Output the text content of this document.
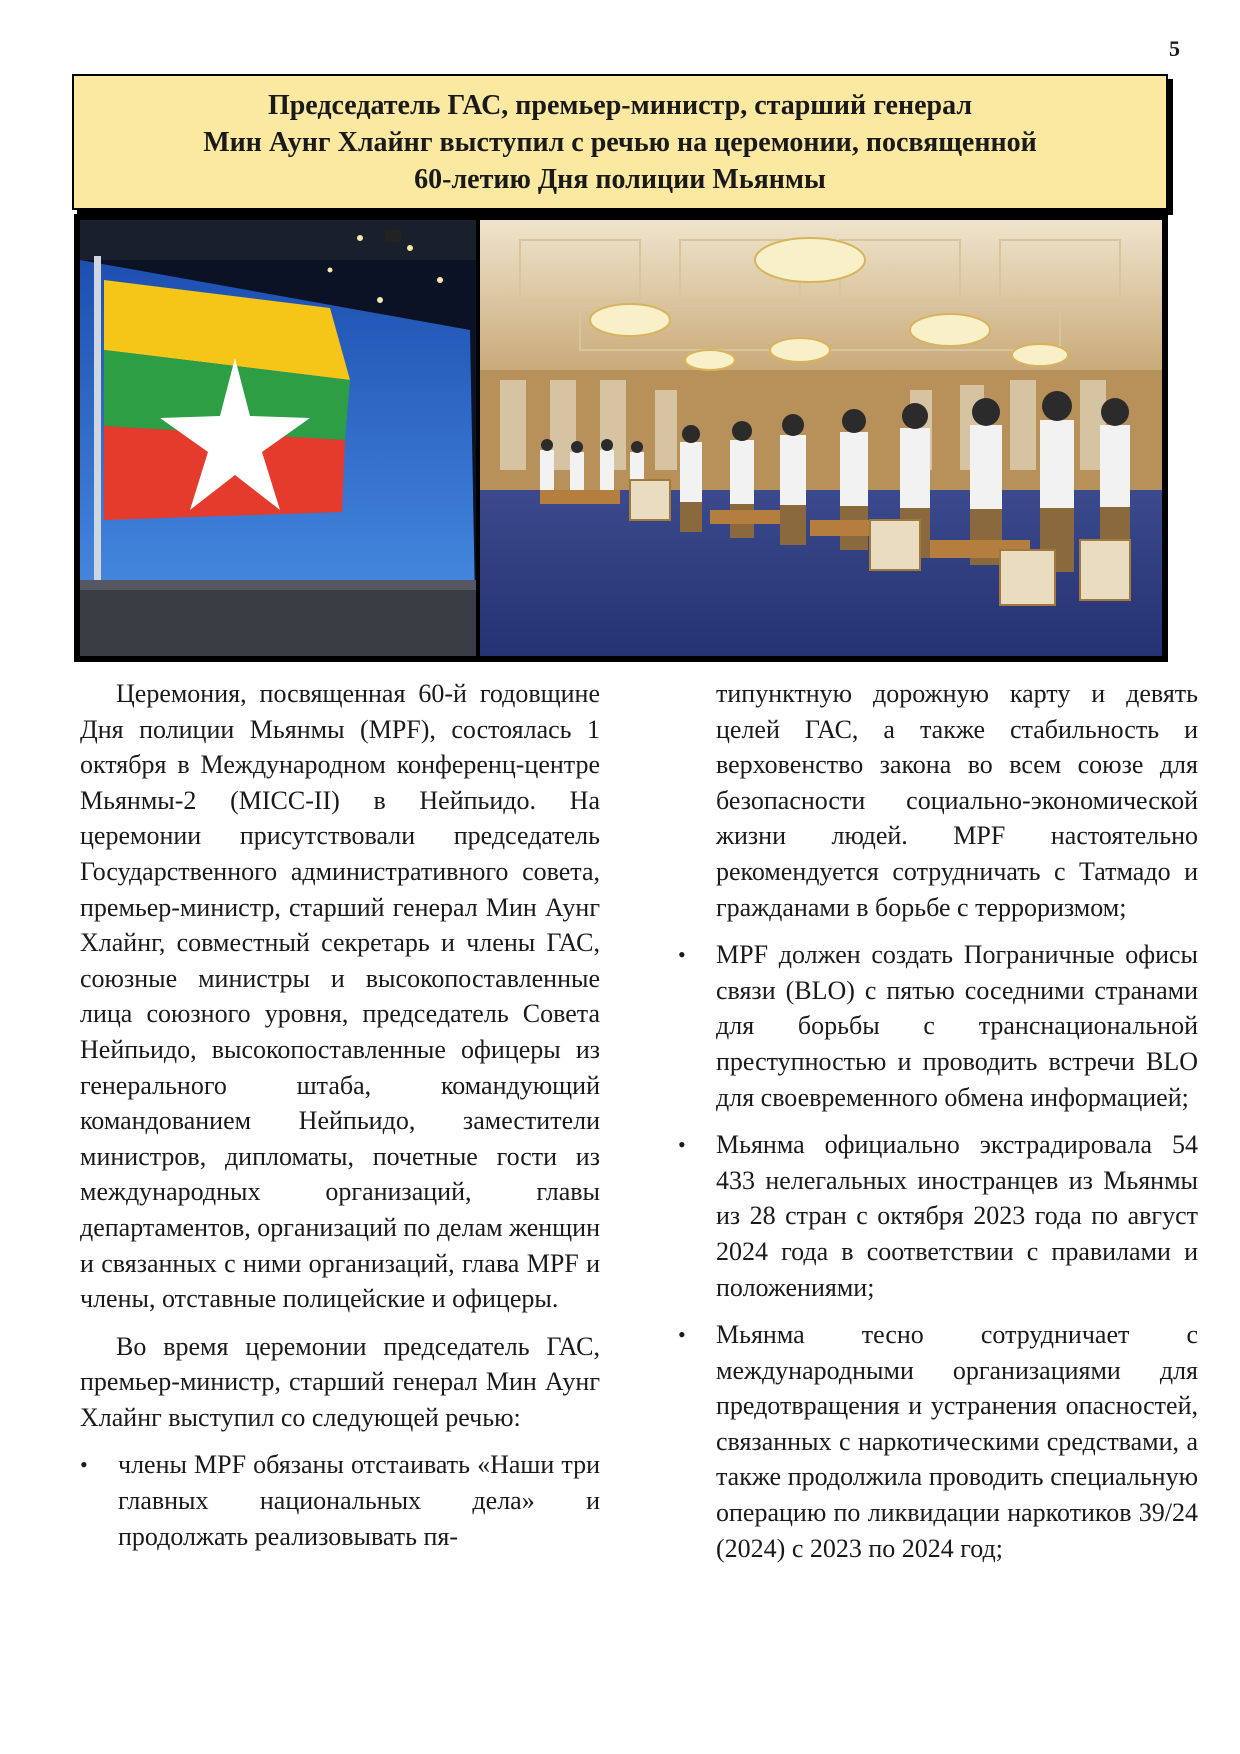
5
Председатель ГАС, премьер-министр, старший генерал
Мин Аунг Хлайнг выступил с речью на церемонии, посвященной
60-летию Дня полиции Мьянмы

Церемония, посвященная 60-й годовщине Дня полиции Мьянмы (MPF), состоялась 1 октября в Международном конференц-центре Мьянмы-2 (MICC-II) в Нейпьидо. На церемонии присутствовали председатель Государственного административного совета, премьер-министр, старший генерал Мин Аунг Хлайнг, совместный секретарь и члены ГАС, союзные министры и высокопоставленные лица союзного уровня, председатель Совета Нейпьидо, высокопоставленные офицеры из генерального штаба, командующий командованием Нейпьидо, заместители министров, дипломаты, почетные гости из международных организаций, главы департаментов, организаций по делам женщин и связанных с ними организаций, глава MPF и члены, отставные полицейские и офицеры.

Во время церемонии председатель ГАС, премьер-министр, старший генерал Мин Аунг Хлайнг выступил со следующей речью:

• члены MPF обязаны отстаивать «Наши три главных национальных дела» и продолжать реализовывать пя-

типунктную дорожную карту и девять целей ГАС, а также стабильность и верховенство закона во всем союзе для безопасности социально-экономической жизни людей. MPF настоятельно рекомендуется сотрудничать с Татмадо и гражданами в борьбе с терроризмом;

• MPF должен создать Пограничные офисы связи (BLO) с пятью соседними странами для борьбы с транснациональной преступностью и проводить встречи BLO для своевременного обмена информацией;
• Мьянма официально экстрадировала 54 433 нелегальных иностранцев из Мьянмы из 28 стран с октября 2023 года по август 2024 года в соответствии с правилами и положениями;
• Мьянма тесно сотрудничает с международными организациями для предотвращения и устранения опасностей, связанных с наркотическими средствами, а также продолжила проводить специальную операцию по ликвидации наркотиков 39/24 (2024) с 2023 по 2024 год;
